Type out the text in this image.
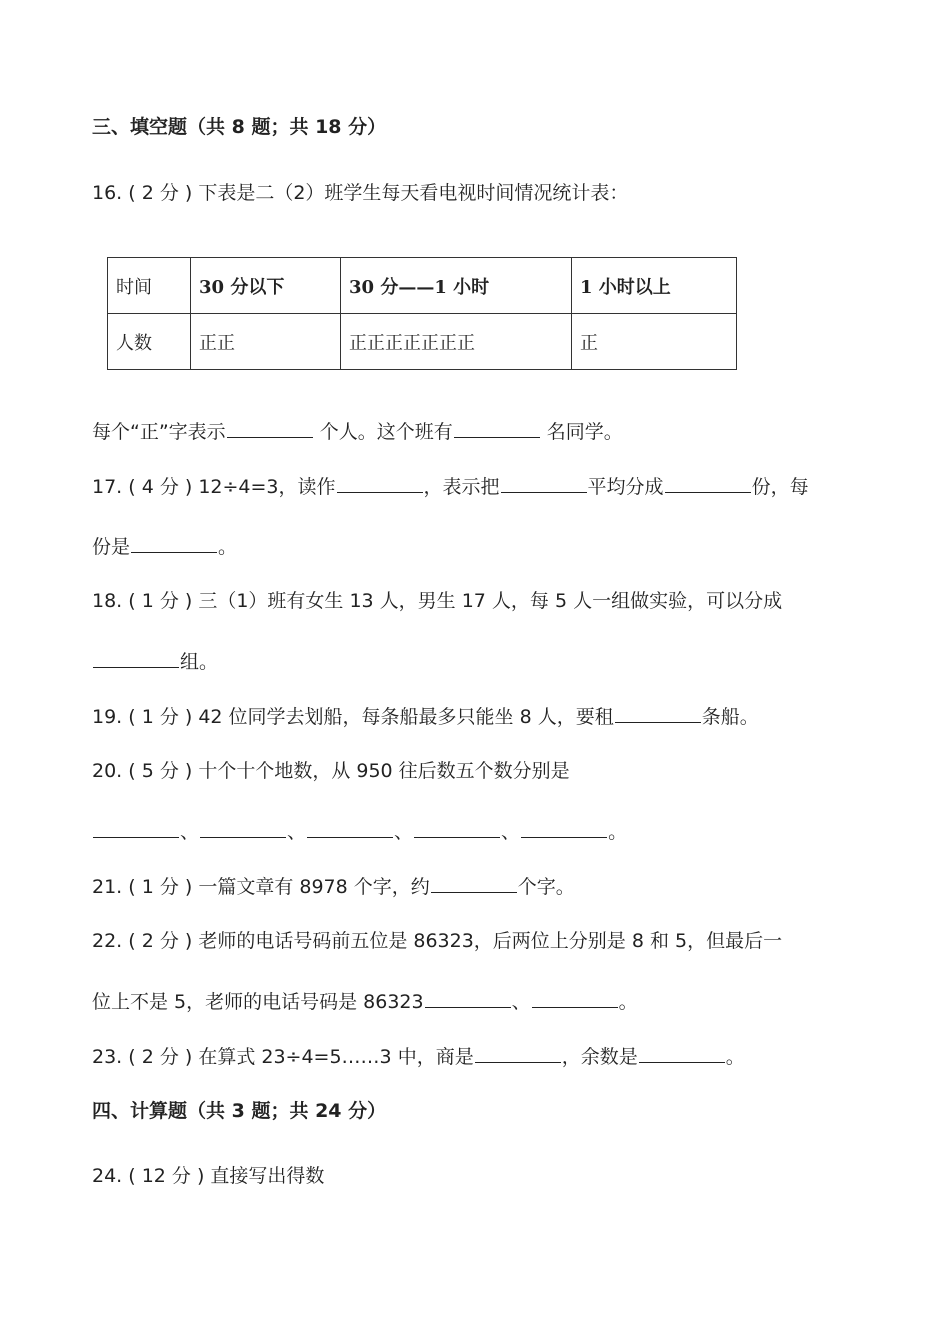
三、填空题（共 8 题；共 18 分）
16. ( 2 分 ) 下表是二（2）班学生每天看电视时间情况统计表：
时间	30 分以下	30 分——1 小时	1 小时以上
人数	正正	正正正正正正正	正
每个“正”字表示	个人。这个班有	名同学。
17. ( 4 分 ) 12÷4=3，读作	，表示把	平均分成	份，每
份是	。
18. ( 1 分 ) 三（1）班有女生 13 人，男生 17 人，每 5 人一组做实验，可以分成
组。
19. ( 1 分 ) 42 位同学去划船，每条船最多只能坐 8 人，要租	条船。
20. ( 5 分 ) 十个十个地数，从 950 往后数五个数分别是
、	、	、	、	。
21. ( 1 分 ) 一篇文章有 8978 个字，约	个字。
22. ( 2 分 ) 老师的电话号码前五位是 86323，后两位上分别是 8 和 5，但最后一
位上不是 5，老师的电话号码是 86323	、	。
23. ( 2 分 ) 在算式 23÷4=5……3 中，商是	，余数是	。
四、计算题（共 3 题；共 24 分）
24. ( 12 分 ) 直接写出得数
